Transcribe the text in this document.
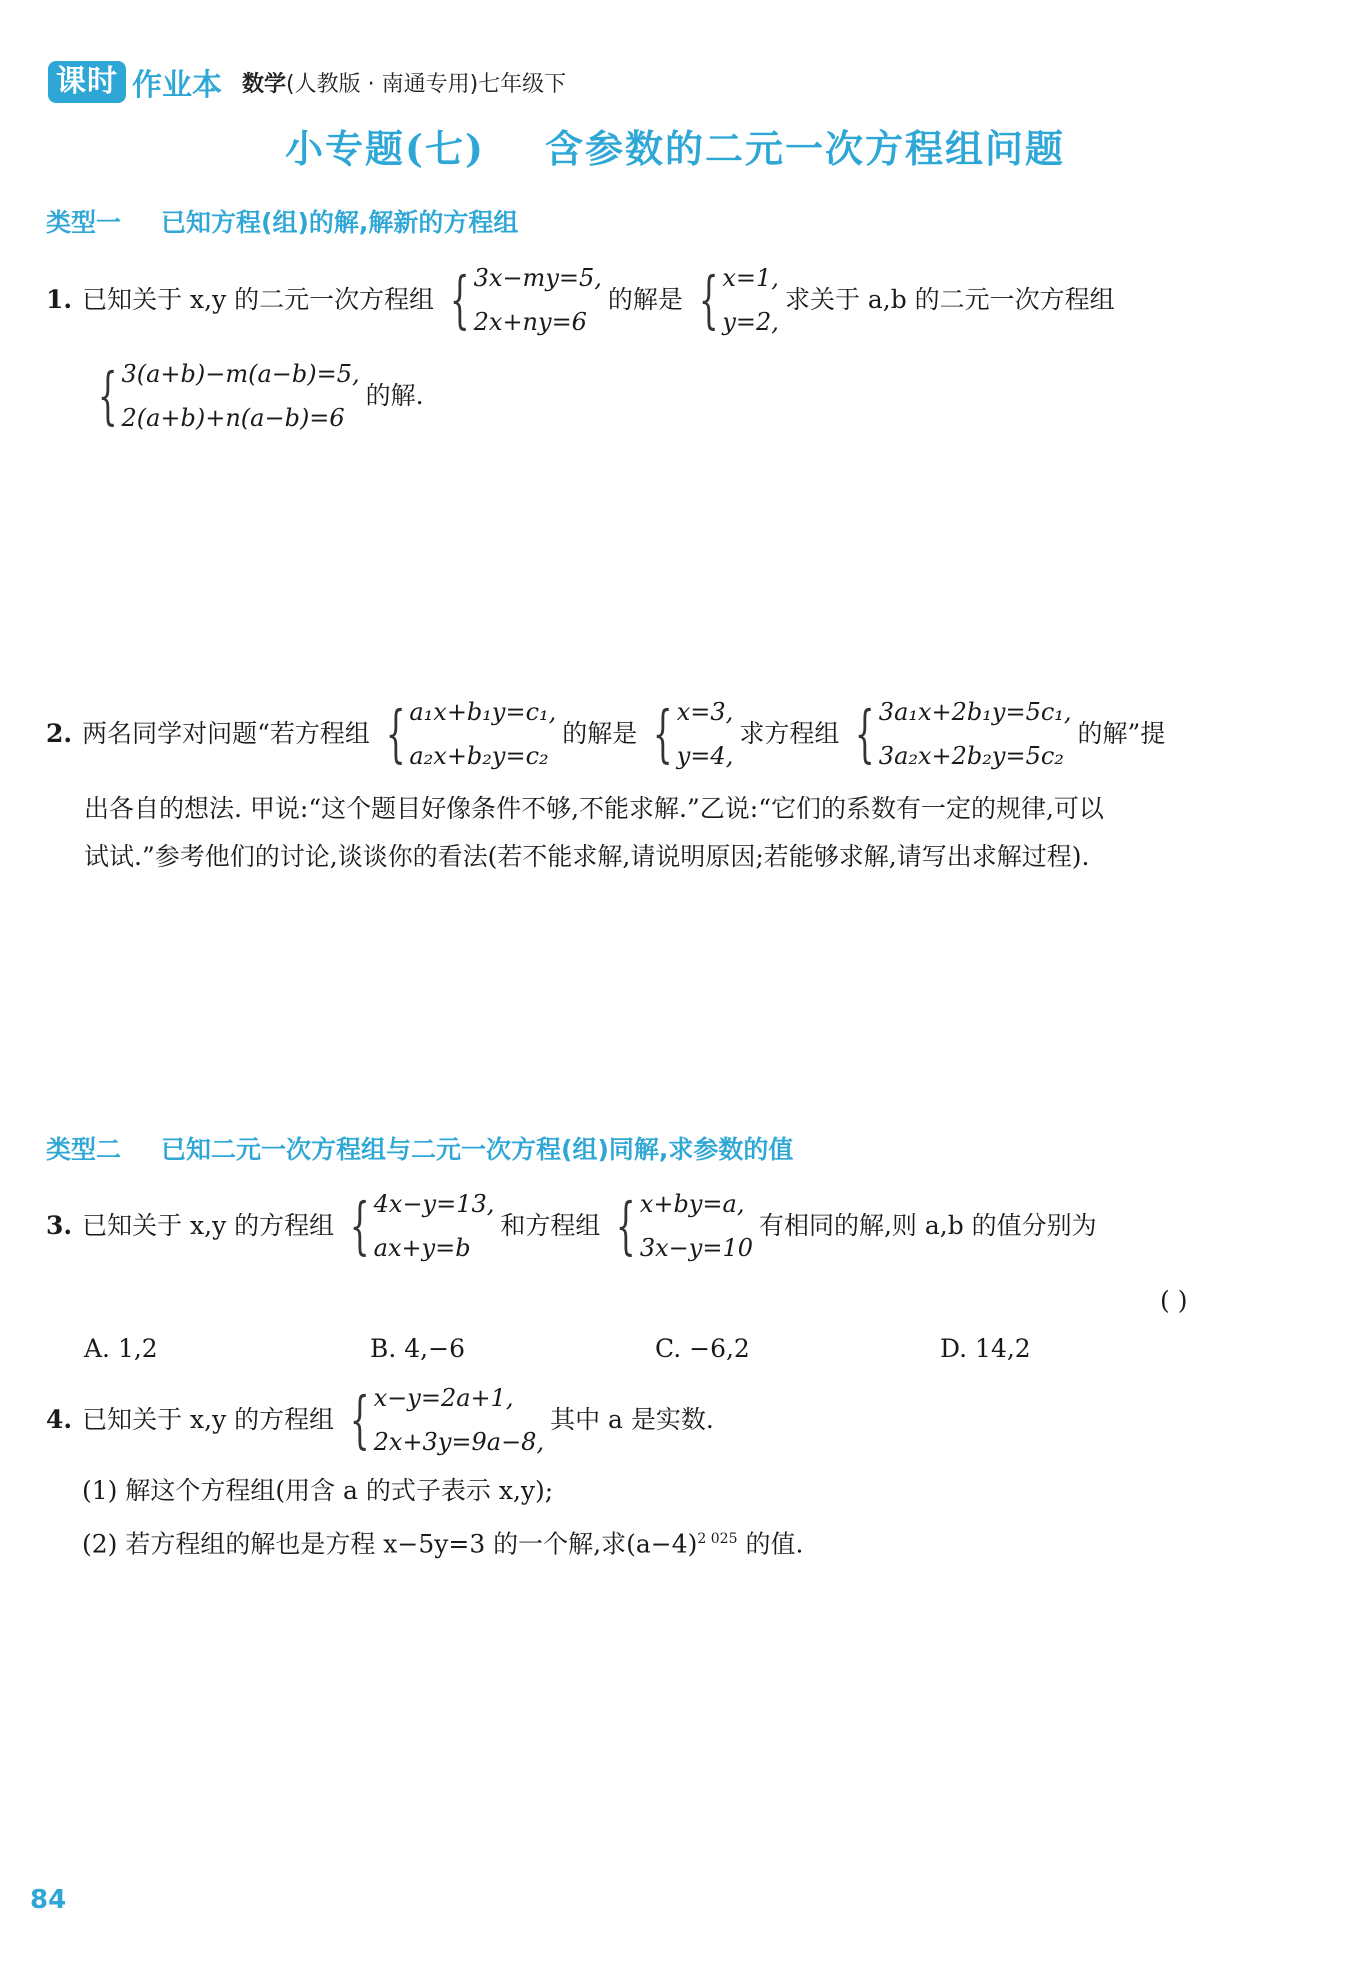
课时 作业本 数学 (人教版 · 南通专用)七年级下
小专题(七) 含参数的二元一次方程组问题
类型一 已知方程(组)的解,解新的方程组
1. 已知关于 x,y 的二元一次方程组 { 3x−my=5,
2x+ny=6
的解是 { x=1,
y=2,
求关于 a,b 的二元一次方程组
{ 3(a+b)−m(a−b)=5,
2(a+b)+n(a−b)=6
的解.
2. 两名同学对问题“若方程组 { a₁x+b₁y=c₁,
a₂x+b₂y=c₂
的解是 { x=3,
y=4,
求方程组 { 3a₁x+2b₁y=5c₁,
3a₂x+2b₂y=5c₂
的解”提
出各自的想法. 甲说:“这个题目好像条件不够,不能求解.”乙说:“它们的系数有一定的规律,可以
试试.”参考他们的讨论,谈谈你的看法(若不能求解,请说明原因;若能够求解,请写出求解过程).
类型二 已知二元一次方程组与二元一次方程(组)同解,求参数的值
3. 已知关于 x,y 的方程组 { 4x−y=13,
ax+y=b
和方程组 { x+by=a,
3x−y=10
有相同的解,则 a,b 的值分别为
( )
A. 1,2	B. 4,−6	C. −6,2	D. 14,2
4. 已知关于 x,y 的方程组 { x−y=2a+1,
2x+3y=9a−8,
其中 a 是实数.
(1) 解这个方程组(用含 a 的式子表示 x,y);
(2) 若方程组的解也是方程 x−5y=3 的一个解,求$(a-4)^{2 025}$ 的值.
84
